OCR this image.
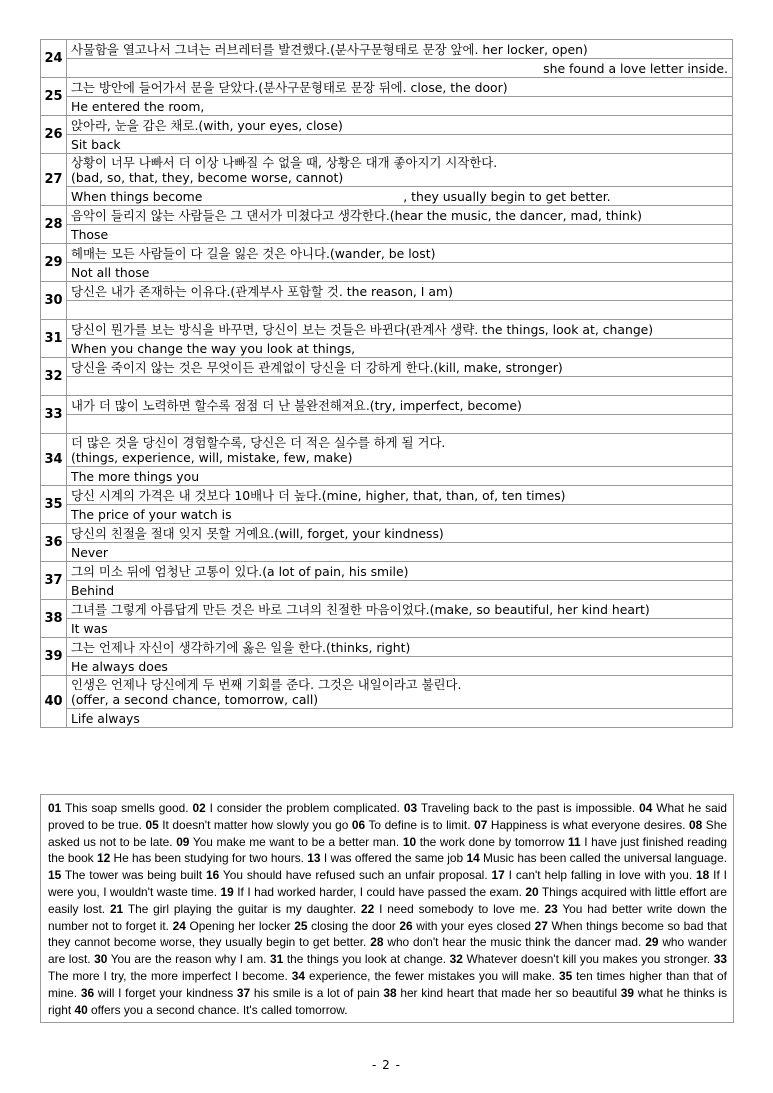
24	사물함을 열고나서 그녀는 러브레터를 발견했다.(분사구문형태로 문장 앞에. her locker, open)
	she found a love letter inside.
25	그는 방안에 들어가서 문을 닫았다.(분사구문형태로 문장 뒤에. close, the door)
	He entered the room,
26	앉아라, 눈을 감은 채로.(with, your eyes, close)
	Sit back
27	상황이 너무 나빠서 더 이상 나빠질 수 없을 때, 상황은 대개 좋아지기 시작한다.
(bad, so, that, they, become worse, cannot)
	When things become                                                   , they usually begin to get better.
28	음악이 들리지 않는 사람들은 그 댄서가 미쳤다고 생각한다.(hear the music, the dancer, mad, think)
	Those
29	헤매는 모든 사람들이 다 길을 잃은 것은 아니다.(wander, be lost)
	Not all those
30	당신은 내가 존재하는 이유다.(관계부사 포함할 것. the reason, I am)

31	당신이 뭔가를 보는 방식을 바꾸면, 당신이 보는 것들은 바뀐다(관계사 생략. the things, look at, change)
	When you change the way you look at things,
32	당신을 죽이지 않는 것은 무엇이든 관계없이 당신을 더 강하게 한다.(kill, make, stronger)

33	내가 더 많이 노력하면 할수록 점점 더 난 불완전해져요.(try, imperfect, become)

34	더 많은 것을 당신이 경험할수록, 당신은 더 적은 실수를 하게 될 거다.
(things, experience, will, mistake, few, make)
	The more things you
35	당신 시계의 가격은 내 것보다 10배나 더 높다.(mine, higher, that, than, of, ten times)
	The price of your watch is
36	당신의 친절을 절대 잊지 못할 거예요.(will, forget, your kindness)
	Never
37	그의 미소 뒤에 엄청난 고통이 있다.(a lot of pain, his smile)
	Behind
38	그녀를 그렇게 아름답게 만든 것은 바로 그녀의 친절한 마음이었다.(make, so beautiful, her kind heart)
	It was
39	그는 언제나 자신이 생각하기에 옳은 일을 한다.(thinks, right)
	He always does
40	인생은 언제나 당신에게 두 번째 기회를 준다. 그것은 내일이라고 불린다.
(offer, a second chance, tomorrow, call)
	Life always
01 This soap smells good. 02 I consider the problem complicated. 03 Traveling back to the past is impossible. 04 What he said proved to be true. 05 It doesn't matter how slowly you go 06 To define is to limit. 07 Happiness is what everyone desires. 08 She asked us not to be late. 09 You make me want to be a better man. 10 the work done by tomorrow 11 I have just finished reading the book 12 He has been studying for two hours. 13 I was offered the same job 14 Music has been called the universal language. 15 The tower was being built 16 You should have refused such an unfair proposal. 17 I can't help falling in love with you. 18 If I were you, I wouldn't waste time. 19 If I had worked harder, I could have passed the exam. 20 Things acquired with little effort are easily lost. 21 The girl playing the guitar is my daughter. 22 I need somebody to love me. 23 You had better write down the number not to forget it. 24 Opening her locker 25 closing the door 26 with your eyes closed 27 When things become so bad that they cannot become worse, they usually begin to get better. 28 who don't hear the music think the dancer mad. 29 who wander are lost. 30 You are the reason why I am. 31 the things you look at change. 32 Whatever doesn't kill you makes you stronger. 33 The more I try, the more imperfect I become. 34 experience, the fewer mistakes you will make. 35 ten times higher than that of mine. 36 will I forget your kindness 37 his smile is a lot of pain 38 her kind heart that made her so beautiful 39 what he thinks is right 40 offers you a second chance. It's called tomorrow.
- 2 -
